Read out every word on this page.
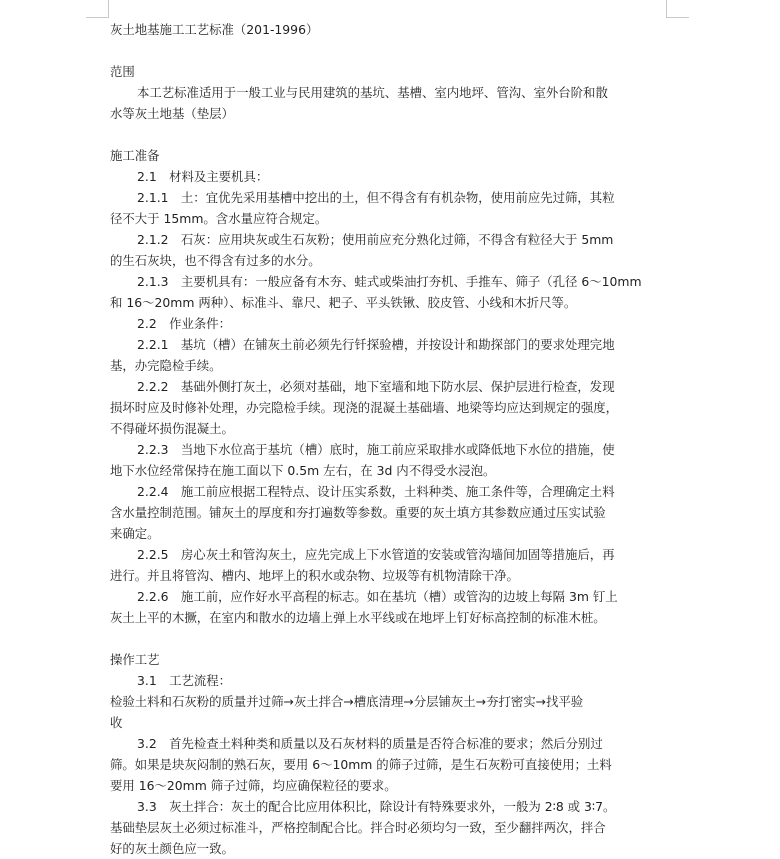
灰土地基施工工艺标准（201-1996）
范围
本工艺标准适用于一般工业与民用建筑的基坑、基槽、室内地坪、管沟、室外台阶和散
水等灰土地基（垫层）
施工准备
2.1　材料及主要机具：
2.1.1　土：宜优先采用基槽中挖出的土，但不得含有有机杂物，使用前应先过筛，其粒
径不大于 15mm。含水量应符合规定。
2.1.2　石灰：应用块灰或生石灰粉；使用前应充分熟化过筛，不得含有粒径大于 5mm
的生石灰块，也不得含有过多的水分。
2.1.3　主要机具有：一般应备有木夯、蛙式或柴油打夯机、手推车、筛子（孔径 6～10mm
和 16～20mm 两种）、标准斗、靠尺、耙子、平头铁锹、胶皮管、小线和木折尺等。
2.2　作业条件：
2.2.1　基坑（槽）在铺灰土前必须先行钎探验槽，并按设计和勘探部门的要求处理完地
基，办完隐检手续。
2.2.2　基础外侧打灰土，必须对基础，地下室墙和地下防水层、保护层进行检查，发现
损坏时应及时修补处理，办完隐检手续。现浇的混凝土基础墙、地梁等均应达到规定的强度，
不得碰坏损伤混凝土。
2.2.3　当地下水位高于基坑（槽）底时，施工前应采取排水或降低地下水位的措施，使
地下水位经常保持在施工面以下 0.5m 左右，在 3d 内不得受水浸泡。
2.2.4　施工前应根据工程特点、设计压实系数，土料种类、施工条件等，合理确定土料
含水量控制范围。铺灰土的厚度和夯打遍数等参数。重要的灰土填方其参数应通过压实试验
来确定。
2.2.5　房心灰土和管沟灰土，应先完成上下水管道的安装或管沟墙间加固等措施后，再
进行。并且将管沟、槽内、地坪上的积水或杂物、垃圾等有机物清除干净。
2.2.6　施工前，应作好水平高程的标志。如在基坑（槽）或管沟的边坡上每隔 3m 钉上
灰土上平的木撅，在室内和散水的边墙上弹上水平线或在地坪上钉好标高控制的标准木桩。
操作工艺
3.1　工艺流程：
检验土料和石灰粉的质量并过筛→灰土拌合→槽底清理→分层铺灰土→夯打密实→找平验
收
3.2　首先检查土料种类和质量以及石灰材料的质量是否符合标准的要求；然后分别过
筛。如果是块灰闷制的熟石灰，要用 6～10mm 的筛子过筛，是生石灰粉可直接使用；土料
要用 16～20mm 筛子过筛，均应确保粒径的要求。
3.3　灰土拌合：灰土的配合比应用体积比，除设计有特殊要求外，一般为 2∶8 或 3∶7。
基础垫层灰土必须过标准斗，严格控制配合比。拌合时必须均匀一致，至少翻拌两次，拌合
好的灰土颜色应一致。
